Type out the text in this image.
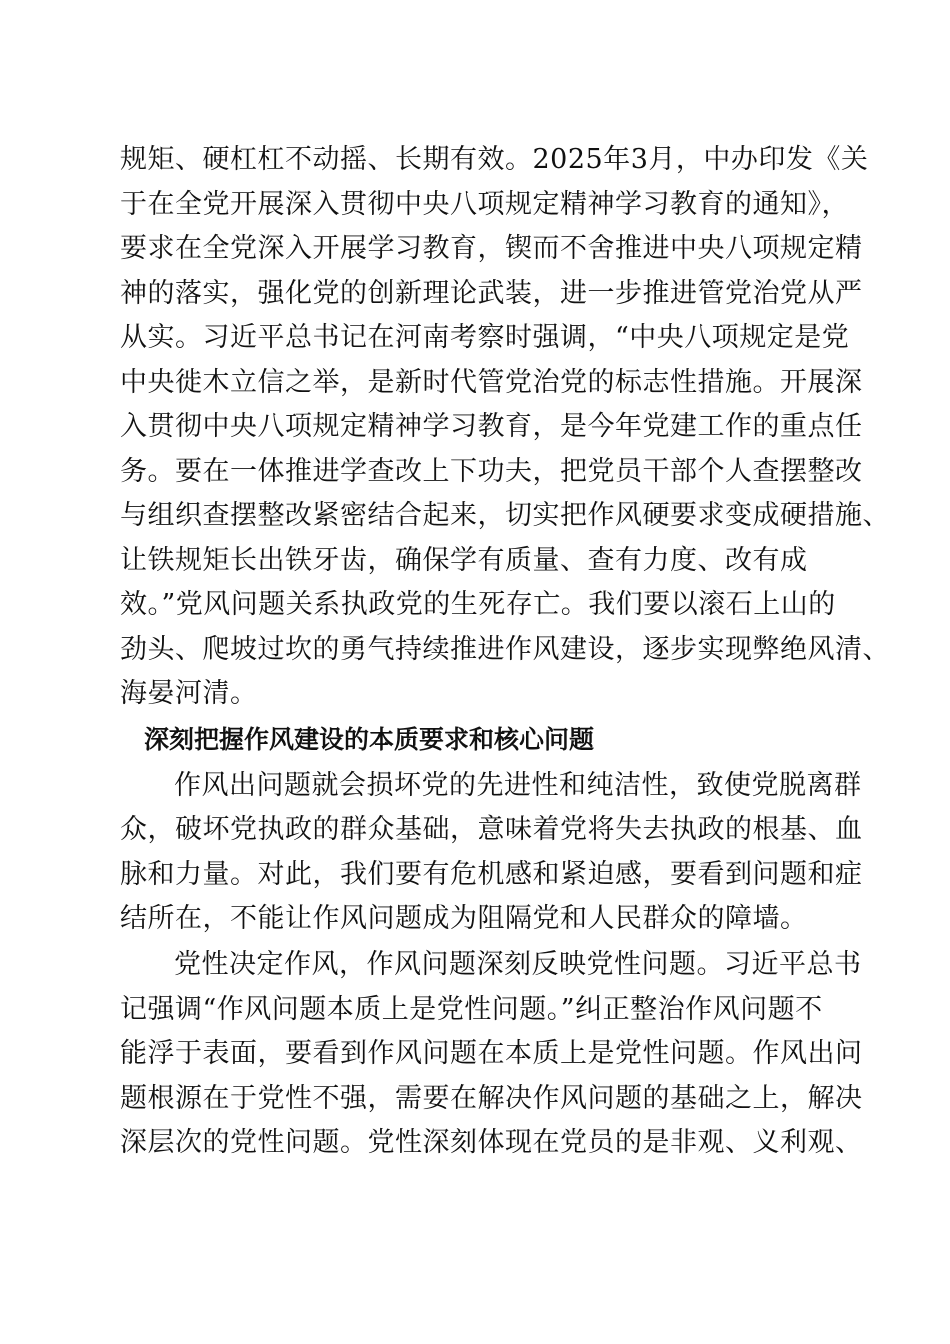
规矩、硬杠杠不动摇、长期有效。2025年3月，中办印发《关
于在全党开展深入贯彻中央八项规定精神学习教育的通知》，
要求在全党深入开展学习教育，锲而不舍推进中央八项规定精
神的落实，强化党的创新理论武装，进一步推进管党治党从严
从实。习近平总书记在河南考察时强调，“中央八项规定是党
中央徙木立信之举，是新时代管党治党的标志性措施。开展深
入贯彻中央八项规定精神学习教育，是今年党建工作的重点任
务。要在一体推进学查改上下功夫，把党员干部个人查摆整改
与组织查摆整改紧密结合起来，切实把作风硬要求变成硬措施、
让铁规矩长出铁牙齿，确保学有质量、查有力度、改有成
效。”党风问题关系执政党的生死存亡。我们要以滚石上山的
劲头、爬坡过坎的勇气持续推进作风建设，逐步实现弊绝风清、
海晏河清。
深刻把握作风建设的本质要求和核心问题
作风出问题就会损坏党的先进性和纯洁性，致使党脱离群
众，破坏党执政的群众基础，意味着党将失去执政的根基、血
脉和力量。对此，我们要有危机感和紧迫感，要看到问题和症
结所在，不能让作风问题成为阻隔党和人民群众的障墙。
党性决定作风，作风问题深刻反映党性问题。习近平总书
记强调“作风问题本质上是党性问题。”纠正整治作风问题不
能浮于表面，要看到作风问题在本质上是党性问题。作风出问
题根源在于党性不强，需要在解决作风问题的基础之上，解决
深层次的党性问题。党性深刻体现在党员的是非观、义利观、
